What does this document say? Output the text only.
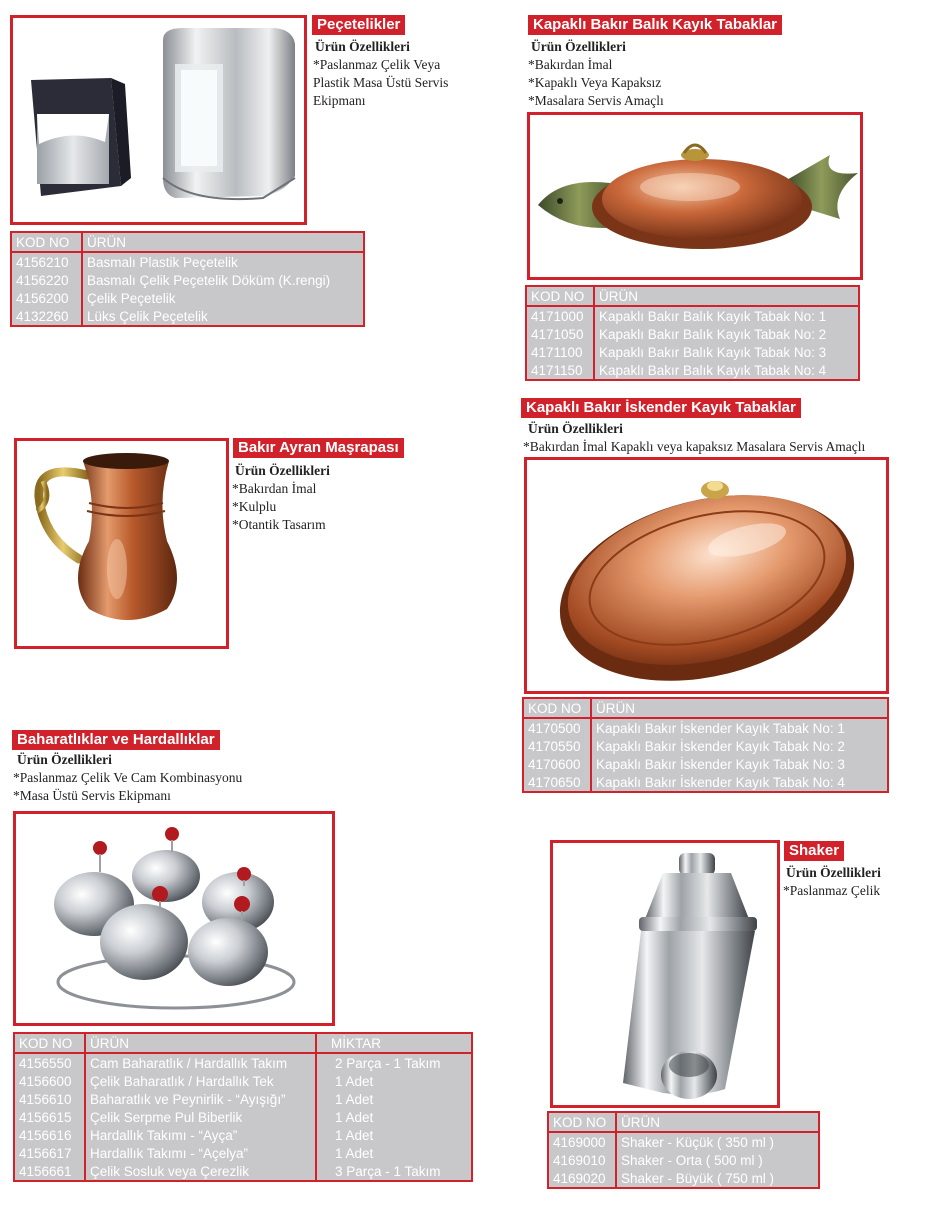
Peçetelikler
Ürün Özellikleri
*Paslanmaz Çelik Veya
Plastik Masa Üstü Servis
Ekipmanı
KOD NO	ÜRÜN
4156210	Basmalı Plastik Peçetelik
4156220	Basmalı Çelik Peçetelik Döküm (K.rengi)
4156200	Çelik Peçetelik
4132260	Lüks Çelik Peçetelik
Kapaklı Bakır Balık Kayık Tabaklar
Ürün Özellikleri
*Bakırdan İmal
*Kapaklı Veya Kapaksız
*Masalara Servis Amaçlı
KOD NO	ÜRÜN
4171000	Kapaklı Bakır Balık Kayık Tabak No: 1
4171050	Kapaklı Bakır Balık Kayık Tabak No: 2
4171100	Kapaklı Bakır Balık Kayık Tabak No: 3
4171150	Kapaklı Bakır Balık Kayık Tabak No: 4
Bakır Ayran Maşrapası
Ürün Özellikleri
*Bakırdan İmal
*Kulplu
*Otantik Tasarım
Kapaklı Bakır İskender Kayık Tabaklar
Ürün Özellikleri
*Bakırdan İmal Kapaklı veya kapaksız Masalara Servis Amaçlı
KOD NO	ÜRÜN
4170500	Kapaklı Bakır İskender Kayık Tabak No: 1
4170550	Kapaklı Bakır İskender Kayık Tabak No: 2
4170600	Kapaklı Bakır İskender Kayık Tabak No: 3
4170650	Kapaklı Bakır İskender Kayık Tabak No: 4
Baharatlıklar ve Hardallıklar
Ürün Özellikleri
*Paslanmaz Çelik Ve Cam Kombinasyonu
*Masa Üstü Servis Ekipmanı
KOD NO	ÜRÜN	MİKTAR
4156550	Cam Baharatlık / Hardallık Takım	2 Parça - 1 Takım
4156600	Çelik Baharatlık / Hardallık Tek	1 Adet
4156610	Baharatlık ve Peynirlik - “Ayışığı”	1 Adet
4156615	Çelik Serpme Pul Biberlik	1 Adet
4156616	Hardallık Takımı - “Ayça”	1 Adet
4156617	Hardallık Takımı - “Açelya”	1 Adet
4156661	Çelik Sosluk veya Çerezlik	3 Parça - 1 Takım
Shaker
Ürün Özellikleri
*Paslanmaz Çelik
KOD NO	ÜRÜN
4169000	Shaker - Küçük ( 350 ml )
4169010	Shaker - Orta ( 500 ml )
4169020	Shaker - Büyük ( 750 ml )
